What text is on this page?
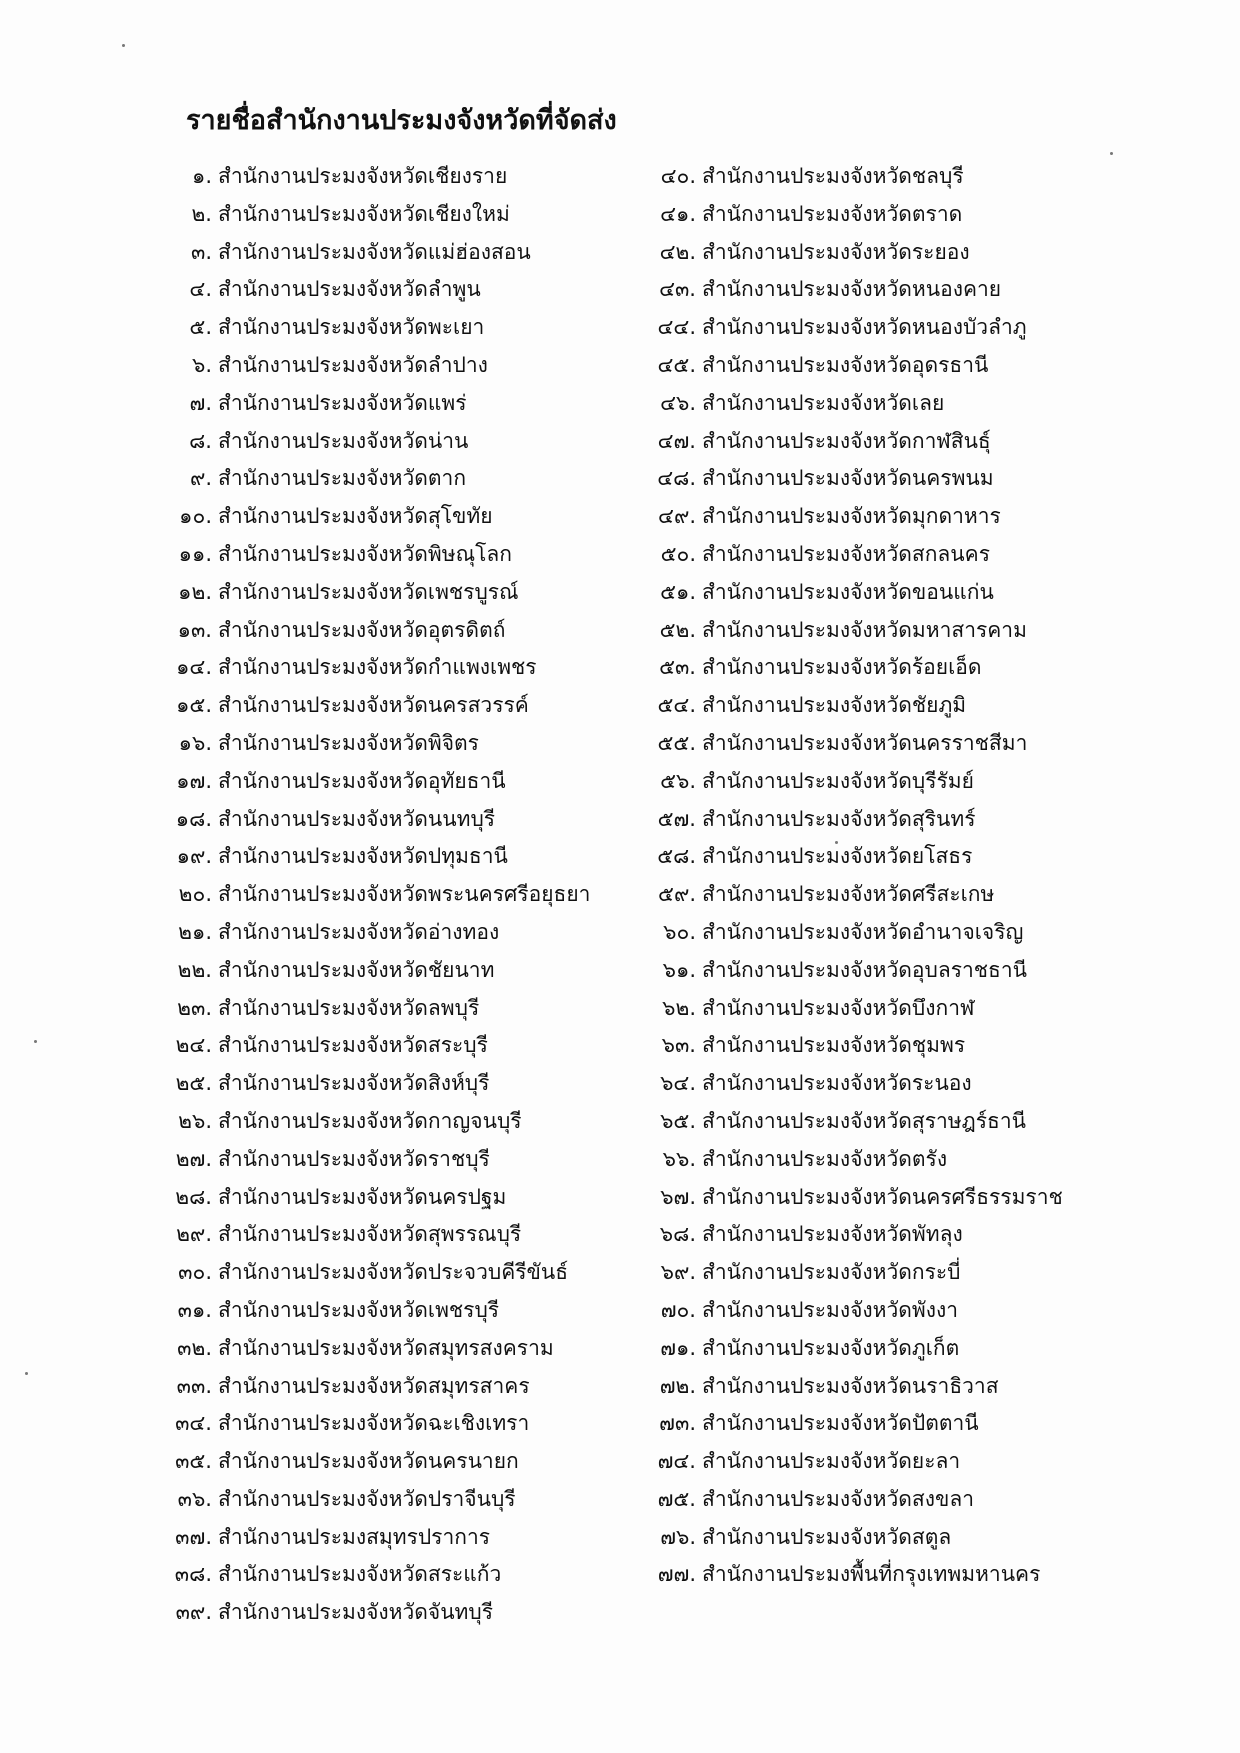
รายชื่อสำนักงานประมงจังหวัดที่จัดส่ง
๑. สำนักงานประมงจังหวัดเชียงราย
๒. สำนักงานประมงจังหวัดเชียงใหม่
๓. สำนักงานประมงจังหวัดแม่ฮ่องสอน
๔. สำนักงานประมงจังหวัดลำพูน
๕. สำนักงานประมงจังหวัดพะเยา
๖. สำนักงานประมงจังหวัดลำปาง
๗. สำนักงานประมงจังหวัดแพร่
๘. สำนักงานประมงจังหวัดน่าน
๙. สำนักงานประมงจังหวัดตาก
๑๐. สำนักงานประมงจังหวัดสุโขทัย
๑๑. สำนักงานประมงจังหวัดพิษณุโลก
๑๒. สำนักงานประมงจังหวัดเพชรบูรณ์
๑๓. สำนักงานประมงจังหวัดอุตรดิตถ์
๑๔. สำนักงานประมงจังหวัดกำแพงเพชร
๑๕. สำนักงานประมงจังหวัดนครสวรรค์
๑๖. สำนักงานประมงจังหวัดพิจิตร
๑๗. สำนักงานประมงจังหวัดอุทัยธานี
๑๘. สำนักงานประมงจังหวัดนนทบุรี
๑๙. สำนักงานประมงจังหวัดปทุมธานี
๒๐. สำนักงานประมงจังหวัดพระนครศรีอยุธยา
๒๑. สำนักงานประมงจังหวัดอ่างทอง
๒๒. สำนักงานประมงจังหวัดชัยนาท
๒๓. สำนักงานประมงจังหวัดลพบุรี
๒๔. สำนักงานประมงจังหวัดสระบุรี
๒๕. สำนักงานประมงจังหวัดสิงห์บุรี
๒๖. สำนักงานประมงจังหวัดกาญจนบุรี
๒๗. สำนักงานประมงจังหวัดราชบุรี
๒๘. สำนักงานประมงจังหวัดนครปฐม
๒๙. สำนักงานประมงจังหวัดสุพรรณบุรี
๓๐. สำนักงานประมงจังหวัดประจวบคีรีขันธ์
๓๑. สำนักงานประมงจังหวัดเพชรบุรี
๓๒. สำนักงานประมงจังหวัดสมุทรสงคราม
๓๓. สำนักงานประมงจังหวัดสมุทรสาคร
๓๔. สำนักงานประมงจังหวัดฉะเชิงเทรา
๓๕. สำนักงานประมงจังหวัดนครนายก
๓๖. สำนักงานประมงจังหวัดปราจีนบุรี
๓๗. สำนักงานประมงสมุทรปราการ
๓๘. สำนักงานประมงจังหวัดสระแก้ว
๓๙. สำนักงานประมงจังหวัดจันทบุรี
๔๐. สำนักงานประมงจังหวัดชลบุรี
๔๑. สำนักงานประมงจังหวัดตราด
๔๒. สำนักงานประมงจังหวัดระยอง
๔๓. สำนักงานประมงจังหวัดหนองคาย
๔๔. สำนักงานประมงจังหวัดหนองบัวลำภู
๔๕. สำนักงานประมงจังหวัดอุดรธานี
๔๖. สำนักงานประมงจังหวัดเลย
๔๗. สำนักงานประมงจังหวัดกาฬสินธุ์
๔๘. สำนักงานประมงจังหวัดนครพนม
๔๙. สำนักงานประมงจังหวัดมุกดาหาร
๕๐. สำนักงานประมงจังหวัดสกลนคร
๕๑. สำนักงานประมงจังหวัดขอนแก่น
๕๒. สำนักงานประมงจังหวัดมหาสารคาม
๕๓. สำนักงานประมงจังหวัดร้อยเอ็ด
๕๔. สำนักงานประมงจังหวัดชัยภูมิ
๕๕. สำนักงานประมงจังหวัดนครราชสีมา
๕๖. สำนักงานประมงจังหวัดบุรีรัมย์
๕๗. สำนักงานประมงจังหวัดสุรินทร์
๕๘. สำนักงานประมงจังหวัดยโสธร
๕๙. สำนักงานประมงจังหวัดศรีสะเกษ
๖๐. สำนักงานประมงจังหวัดอำนาจเจริญ
๖๑. สำนักงานประมงจังหวัดอุบลราชธานี
๖๒. สำนักงานประมงจังหวัดบึงกาฬ
๖๓. สำนักงานประมงจังหวัดชุมพร
๖๔. สำนักงานประมงจังหวัดระนอง
๖๕. สำนักงานประมงจังหวัดสุราษฎร์ธานี
๖๖. สำนักงานประมงจังหวัดตรัง
๖๗. สำนักงานประมงจังหวัดนครศรีธรรมราช
๖๘. สำนักงานประมงจังหวัดพัทลุง
๖๙. สำนักงานประมงจังหวัดกระบี่
๗๐. สำนักงานประมงจังหวัดพังงา
๗๑. สำนักงานประมงจังหวัดภูเก็ต
๗๒. สำนักงานประมงจังหวัดนราธิวาส
๗๓. สำนักงานประมงจังหวัดปัตตานี
๗๔. สำนักงานประมงจังหวัดยะลา
๗๕. สำนักงานประมงจังหวัดสงขลา
๗๖. สำนักงานประมงจังหวัดสตูล
๗๗. สำนักงานประมงพื้นที่กรุงเทพมหานคร
